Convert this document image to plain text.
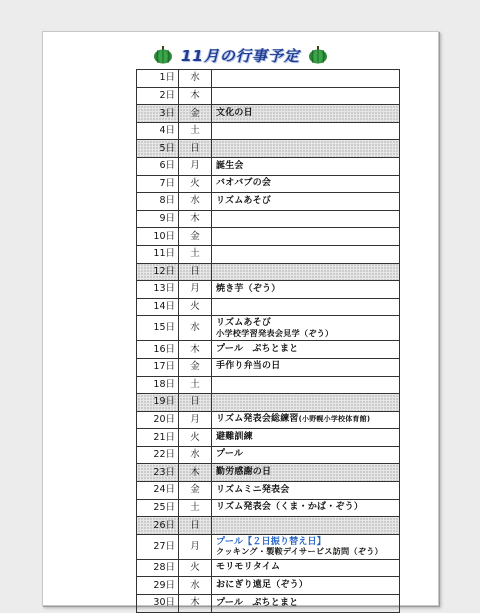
11月の行事予定
1日	水	
2日	木	
3日	金	文化の日
4日	土	
5日	日	
6日	月	誕生会
7日	火	バオバブの会
8日	水	リズムあそび
9日	木	
10日	金	
11日	土	
12日	日	
13日	月	焼き芋（ぞう）
14日	火	
15日	水	リズムあそび
小学校学習発表会見学（ぞう）

16日	木	プール　ぷちとまと
17日	金	手作り弁当の日
18日	土	
19日	日	
20日	月	リズム発表会総練習(小野幌小学校体育館)
21日	火	避難訓練
22日	水	プール
23日	木	勤労感謝の日
24日	金	リズムミニ発表会
25日	土	リズム発表会（くま・かば・ぞう）
26日	日	
27日	月	プール【２日振り替え日】
クッキング・製鞍デイサービス訪問（ぞう）

28日	火	モリモリタイム
29日	水	おにぎり遠足（ぞう）
30日	木	プール　ぷちとまと
